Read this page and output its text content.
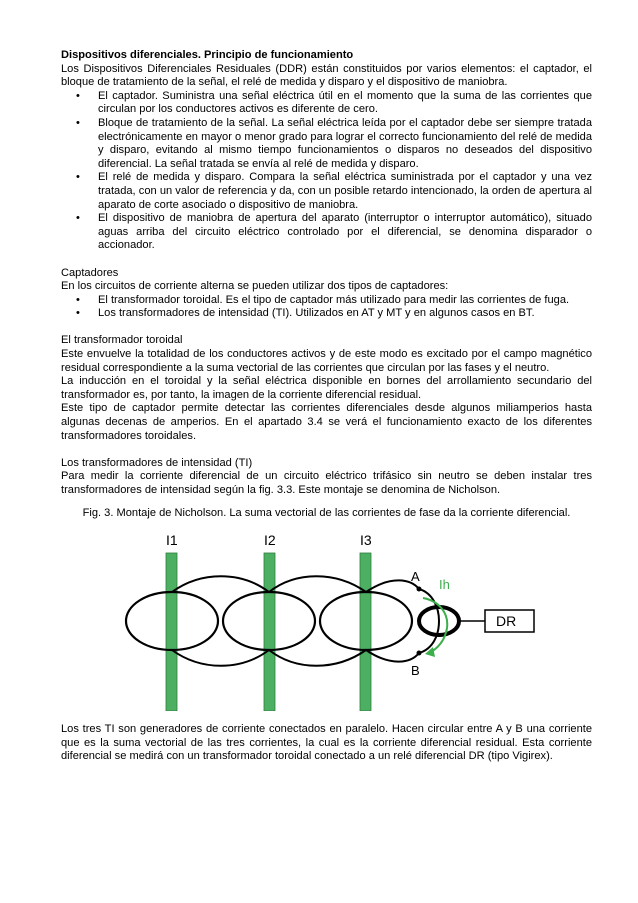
Dispositivos diferenciales. Principio de funcionamiento

Los Dispositivos Diferenciales Residuales (DDR) están constituidos por varios elementos: el captador, el bloque de tratamiento de la señal, el relé de medida y disparo y el dispositivo de maniobra.

• El captador. Suministra una señal eléctrica útil en el momento que la suma de las corrientes que circulan por los conductores activos es diferente de cero.
• Bloque de tratamiento de la señal. La señal eléctrica leída por el captador debe ser siempre tratada electrónicamente en mayor o menor grado para lograr el correcto funcionamiento del relé de medida y disparo, evitando al mismo tiempo funcionamientos o disparos no deseados del dispositivo diferencial. La señal tratada se envía al relé de medida y disparo.
• El relé de medida y disparo. Compara la señal eléctrica suministrada por el captador y una vez tratada, con un valor de referencia y da, con un posible retardo intencionado, la orden de apertura al aparato de corte asociado o dispositivo de maniobra.
• El dispositivo de maniobra de apertura del aparato (interruptor o interruptor automático), situado aguas arriba del circuito eléctrico controlado por el diferencial, se denomina disparador o accionador.

Captadores

En los circuitos de corriente alterna se pueden utilizar dos tipos de captadores:

• El transformador toroidal. Es el tipo de captador más utilizado para medir las corrientes de fuga.
• Los transformadores de intensidad (TI). Utilizados en AT y MT y en algunos casos en BT.

El transformador toroidal

Este envuelve la totalidad de los conductores activos y de este modo es excitado por el campo magnético residual correspondiente a la suma vectorial de las corrientes que circulan por las fases y el neutro.

La inducción en el toroidal y la señal eléctrica disponible en bornes del arrollamiento secundario del transformador es, por tanto, la imagen de la corriente diferencial residual.

Este tipo de captador permite detectar las corrientes diferenciales desde algunos miliamperios hasta algunas decenas de amperios. En el apartado 3.4 se verá el funcionamiento exacto de los diferentes transformadores toroidales.

Los transformadores de intensidad (TI)

Para medir la corriente diferencial de un circuito eléctrico trifásico sin neutro se deben instalar tres transformadores de intensidad según la fig. 3.3. Este montaje se denomina de Nicholson.

Fig. 3. Montaje de Nicholson. La suma vectorial de las corrientes de fase da la corriente diferencial.

I1	I2	I3
A
B
Ih
DR

Los tres TI son generadores de corriente conectados en paralelo. Hacen circular entre A y B una corriente que es la suma vectorial de las tres corrientes, la cual es la corriente diferencial residual. Esta corriente diferencial se medirá con un transformador toroidal conectado a un relé diferencial DR (tipo Vigirex).
